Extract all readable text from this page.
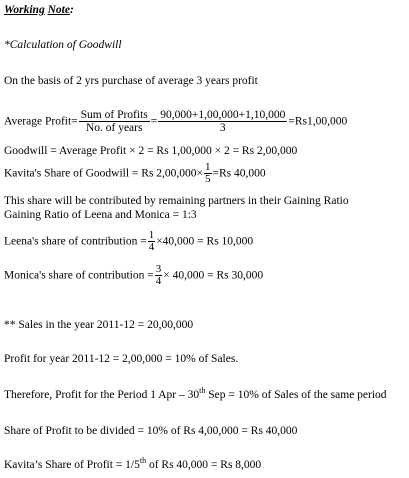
Working Note:
*Calculation of Goodwill
On the basis of 2 yrs purchase of average 3 years profit
Average Profit= $\frac{\text{Sum of Profits}}{\text{No. of years}} = \frac{90,000+1,00,000+1,10,000}{3} =Rs1,00,000$
Goodwill = Average Profit × 2 = Rs 1,00,000 × 2 = Rs 2,00,000
Kavita's Share of Goodwill = Rs $2,00,000\times \frac{1}{5} =Rs$ 40,000
This share will be contributed by remaining partners in their Gaining Ratio
Gaining Ratio of Leena and Monica = 1:3
Leena's share of contribution = $\frac{1}{4} \times 40,000 = Rs$ 10,000
Monica's share of contribution = $\frac{3}{4} \times 40,000 = Rs$ 30,000
** Sales in the year 2011-12 = 20,00,000
Profit for year 2011-12 = 2,00,000 = 10% of Sales.
Therefore, Profit for the Period 1 Apr – 30th Sep = 10% of Sales of the same period
Share of Profit to be divided = 10% of Rs 4,00,000 = Rs 40,000
Kavita’s Share of Profit = 1/5th of Rs 40,000 = Rs 8,000
